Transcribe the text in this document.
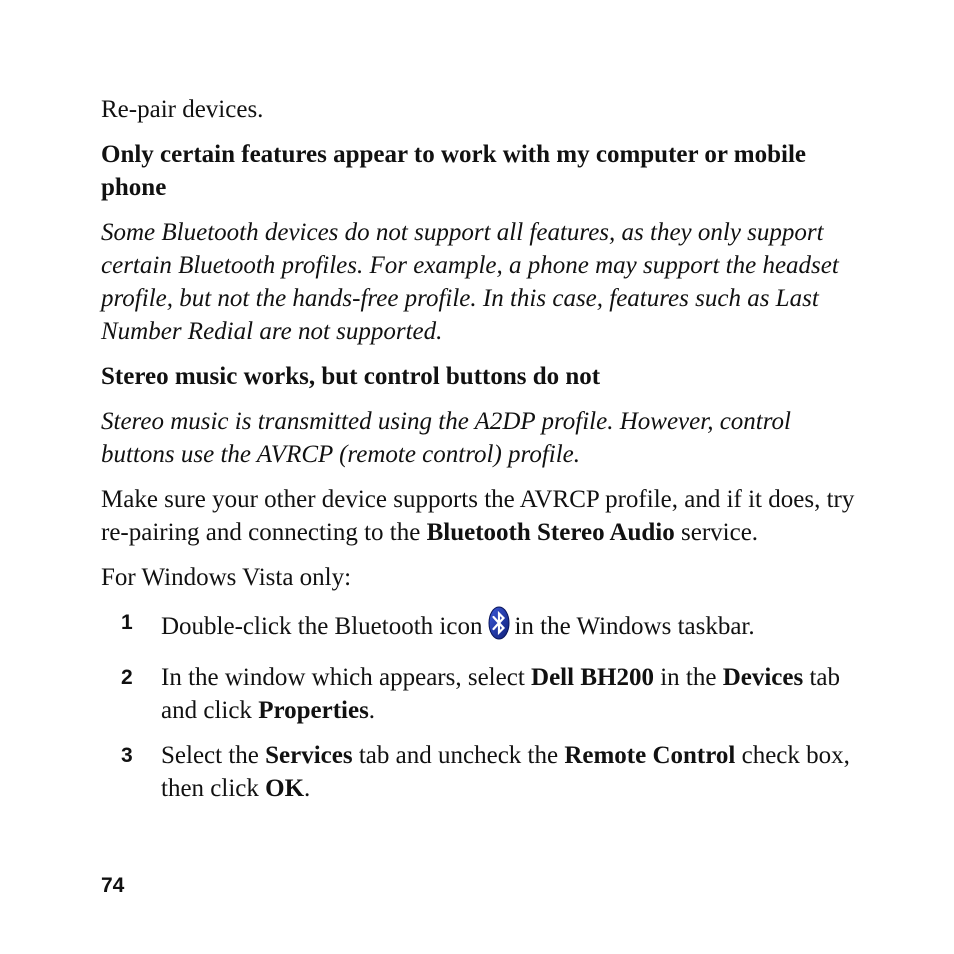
Re-pair devices.

Only certain features appear to work with my computer or mobile phone

Some Bluetooth devices do not support all features, as they only support certain Bluetooth profiles. For example, a phone may support the headset profile, but not the hands-free profile. In this case, features such as Last Number Redial are not supported.

Stereo music works, but control buttons do not

Stereo music is transmitted using the A2DP profile. However, control buttons use the AVRCP (remote control) profile.

Make sure your other device supports the AVRCP profile, and if it does, try re-pairing and connecting to the Bluetooth Stereo Audio service.

For Windows Vista only:

1 Double-click the Bluetooth icon in the Windows taskbar.
2 In the window which appears, select Dell BH200 in the Devices tab and click Properties.
3 Select the Services tab and uncheck the Remote Control check box, then click OK.
74
